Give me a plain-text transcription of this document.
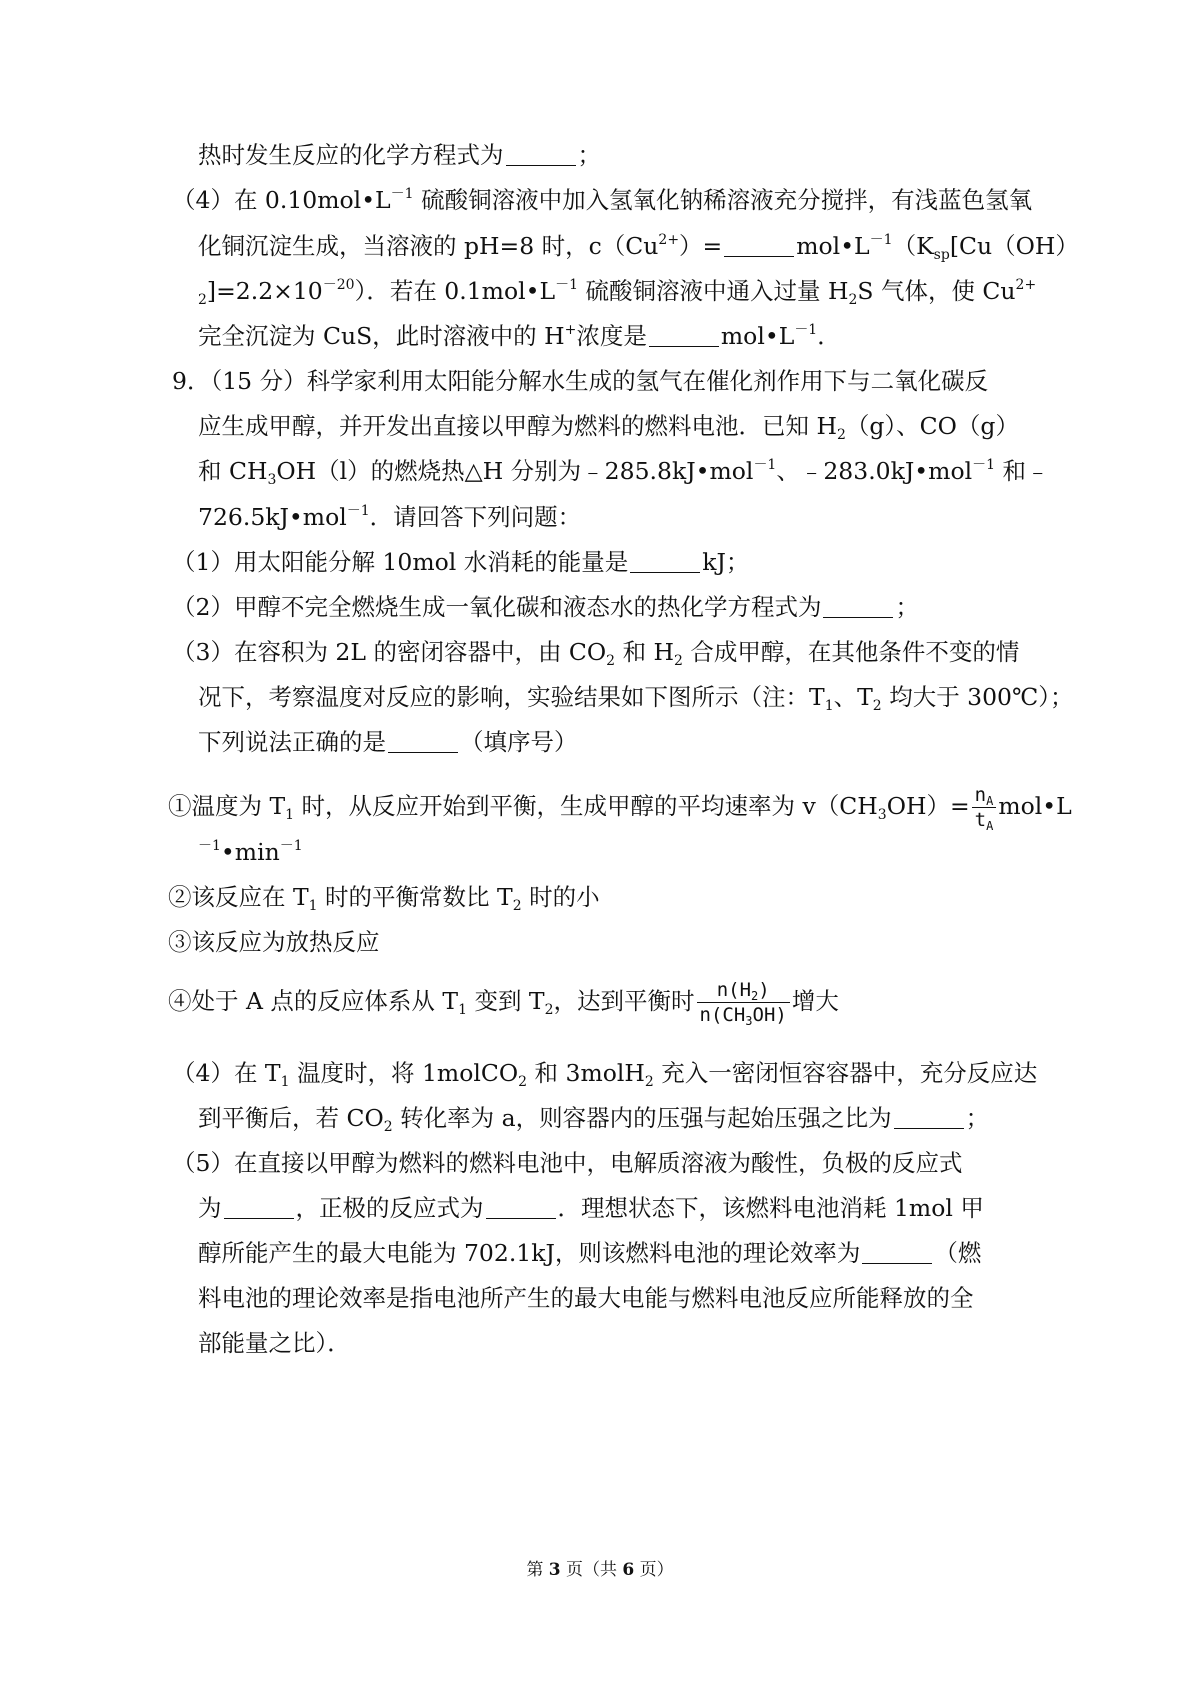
热时发生反应的化学方程式为	；
（4）在 $0.10mol•L^{-1}$ 硫酸铜溶液中加入氢氧化钠稀溶液充分搅拌，有浅蓝色氢氧
化铜沉淀生成，当溶液的 pH=8 时，$c(Cu^{2+})=$	$mol•L^{-1}(K_{sp}[Cu(OH)$
$_2]=2.2\times 10^{-20}$）．若在 $0.1mol•L^{-1}$ 硫酸铜溶液中通入过量 $H_2S$ 气体，使 $Cu^{2+}$
完全沉淀为 CuS，此时溶液中的 H+浓度是	$mol•L^{-1}$．
9．（15 分）科学家利用太阳能分解水生成的氢气在催化剂作用下与二氧化碳反
应生成甲醇，并开发出直接以甲醇为燃料的燃料电池．已知 $H_2(g)$、CO（g）
和 $CH_3OH(l)$的燃烧热△H 分别为﹣285.8kJ•mol$^{-1}$、﹣283.0kJ•mol$^{-1}$ 和﹣
726.5kJ•mol$^{-1}$．请回答下列问题：
（1）用太阳能分解 10mol 水消耗的能量是	kJ；
（2）甲醇不完全燃烧生成一氧化碳和液态水的热化学方程式为	；
（3）在容积为 2L 的密闭容器中，由 $CO_2$ 和 $H_2$ 合成甲醇，在其他条件不变的情
况下，考察温度对反应的影响，实验结果如下图所示（注：$T_1$、$T_2$ 均大于 300℃）；
下列说法正确的是	（填序号）
①温度为 $T_1$ 时，从反应开始到平衡，生成甲醇的平均速率为 $v(CH_3OH)= \frac{n_A}{t_A}$ mol•L
$^{-1}•\min^{-1}$
②该反应在 $T_1$ 时的平衡常数比 $T_2$ 时的小
③该反应为放热反应
④处于 A 点的反应体系从 $T_1$ 变到 $T_2$，达到平衡时 $\frac{n(H_2)}{n(CH_3OH)}$ 增大
（4）在 $T_1$ 温度时，将 1molCO$_2$ 和 3molH$_2$ 充入一密闭恒容容器中，充分反应达
到平衡后，若 $CO_2$ 转化率为 a，则容器内的压强与起始压强之比为	；
（5）在直接以甲醇为燃料的燃料电池中，电解质溶液为酸性，负极的反应式
为	，正极的反应式为	．理想状态下，该燃料电池消耗 1mol 甲
醇所能产生的最大电能为 702.1kJ，则该燃料电池的理论效率为	（燃
料电池的理论效率是指电池所产生的最大电能与燃料电池反应所能释放的全
部能量之比）．
第 3 页（共 6 页）
